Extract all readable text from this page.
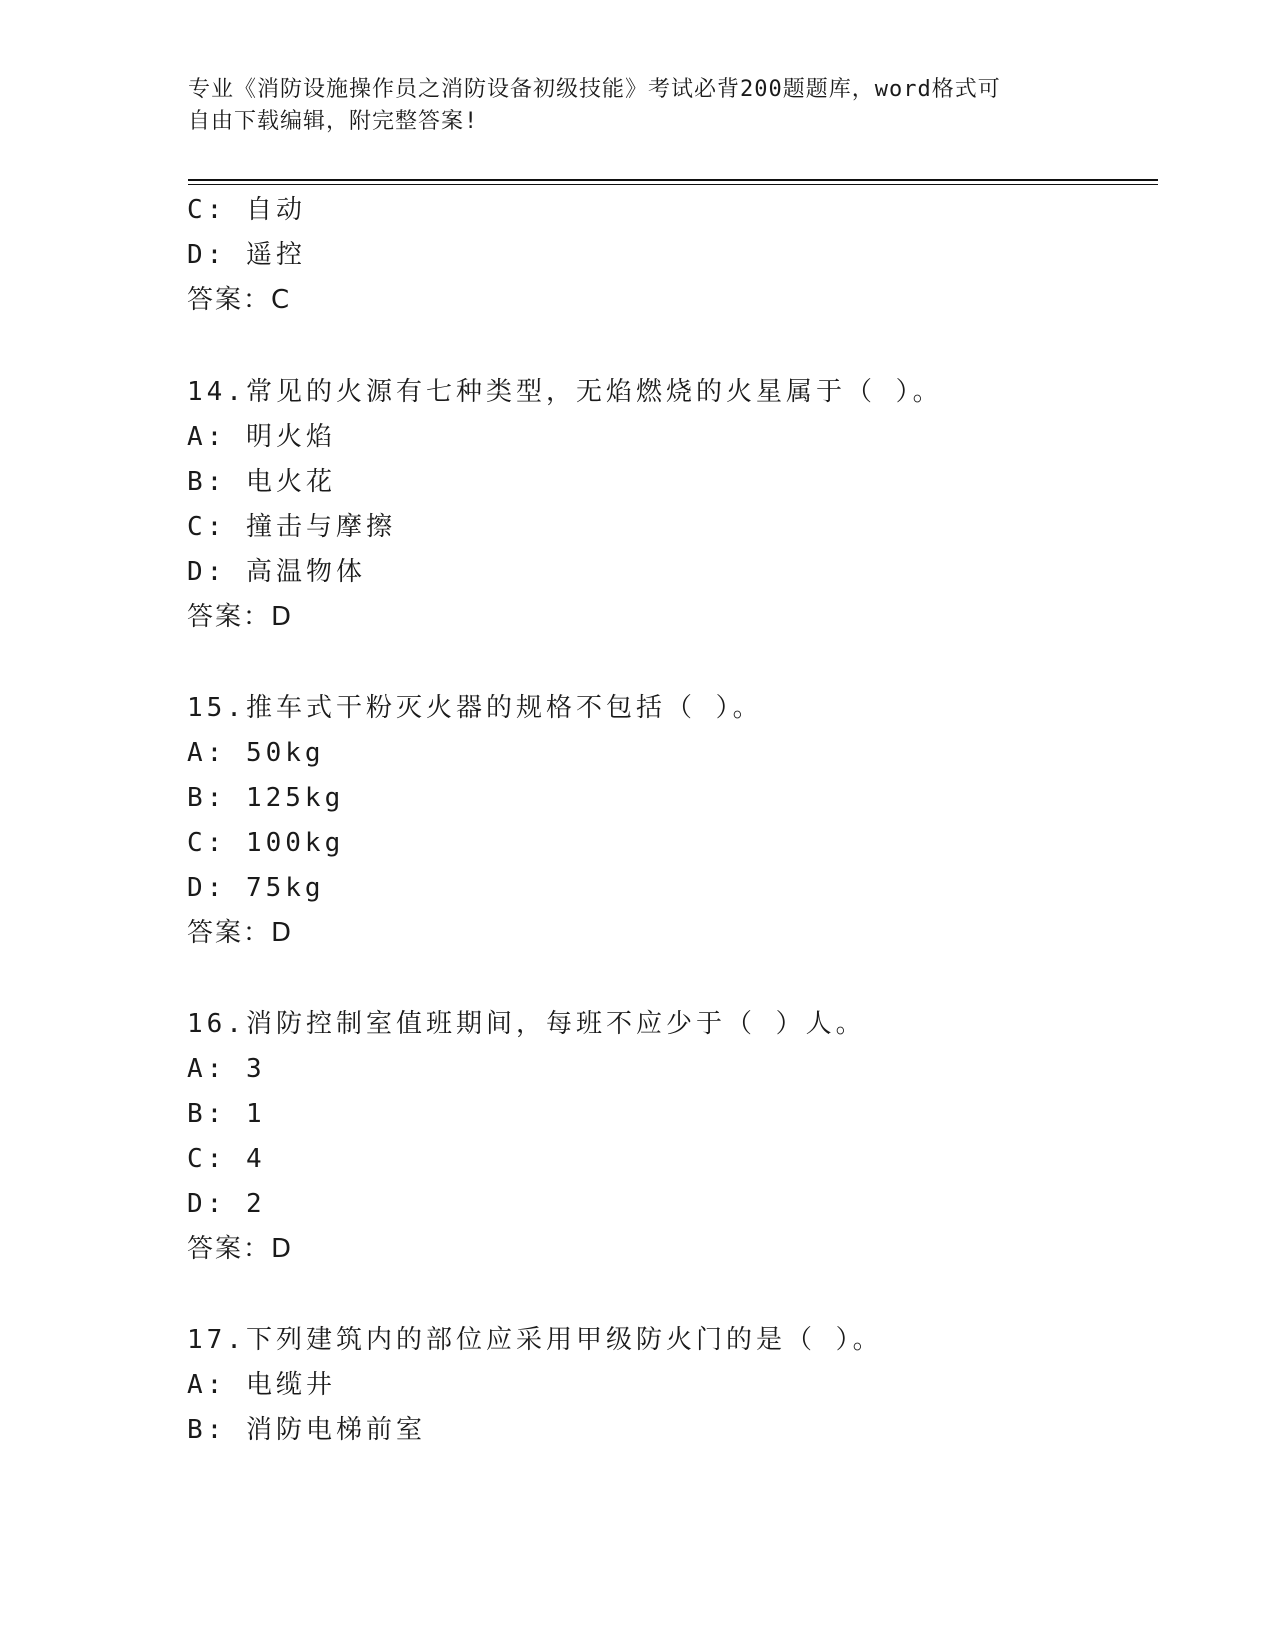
专业《消防设施操作员之消防设备初级技能》考试必背200题题库，word格式可
自由下载编辑，附完整答案!
C: 自动
D: 遥控
答案：C
14.常见的火源有七种类型，无焰燃烧的火星属于（ ）。
A: 明火焰
B: 电火花
C: 撞击与摩擦
D: 高温物体
答案：D
15.推车式干粉灭火器的规格不包括（ ）。
A: 50kg
B: 125kg
C: 100kg
D: 75kg
答案：D
16.消防控制室值班期间，每班不应少于（ ）人。
A: 3
B: 1
C: 4
D: 2
答案：D
17.下列建筑内的部位应采用甲级防火门的是（ ）。
A: 电缆井
B: 消防电梯前室
